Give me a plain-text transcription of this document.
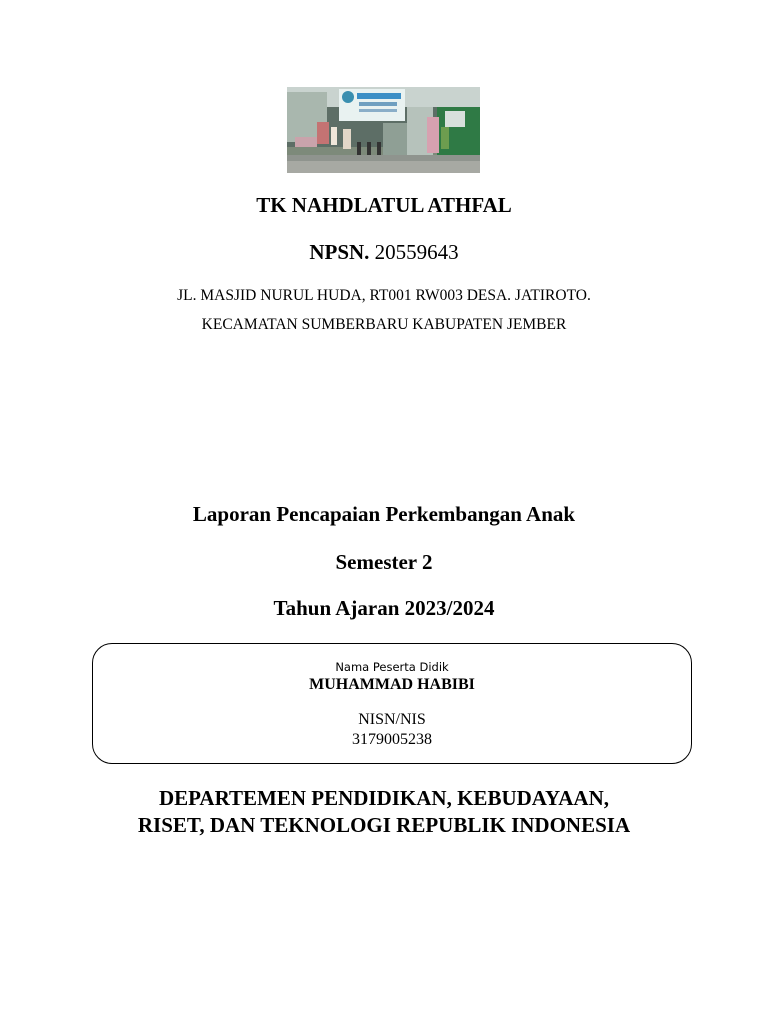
TK NAHDLATUL ATHFAL
NPSN. 20559643
JL. MASJID NURUL HUDA, RT001 RW003 DESA. JATIROTO.
KECAMATAN SUMBERBARU KABUPATEN JEMBER
Laporan Pencapaian Perkembangan Anak
Semester 2
Tahun Ajaran 2023/2024
Nama Peserta Didik
MUHAMMAD HABIBI
NISN/NIS
3179005238
DEPARTEMEN PENDIDIKAN, KEBUDAYAAN,
RISET, DAN TEKNOLOGI REPUBLIK INDONESIA
